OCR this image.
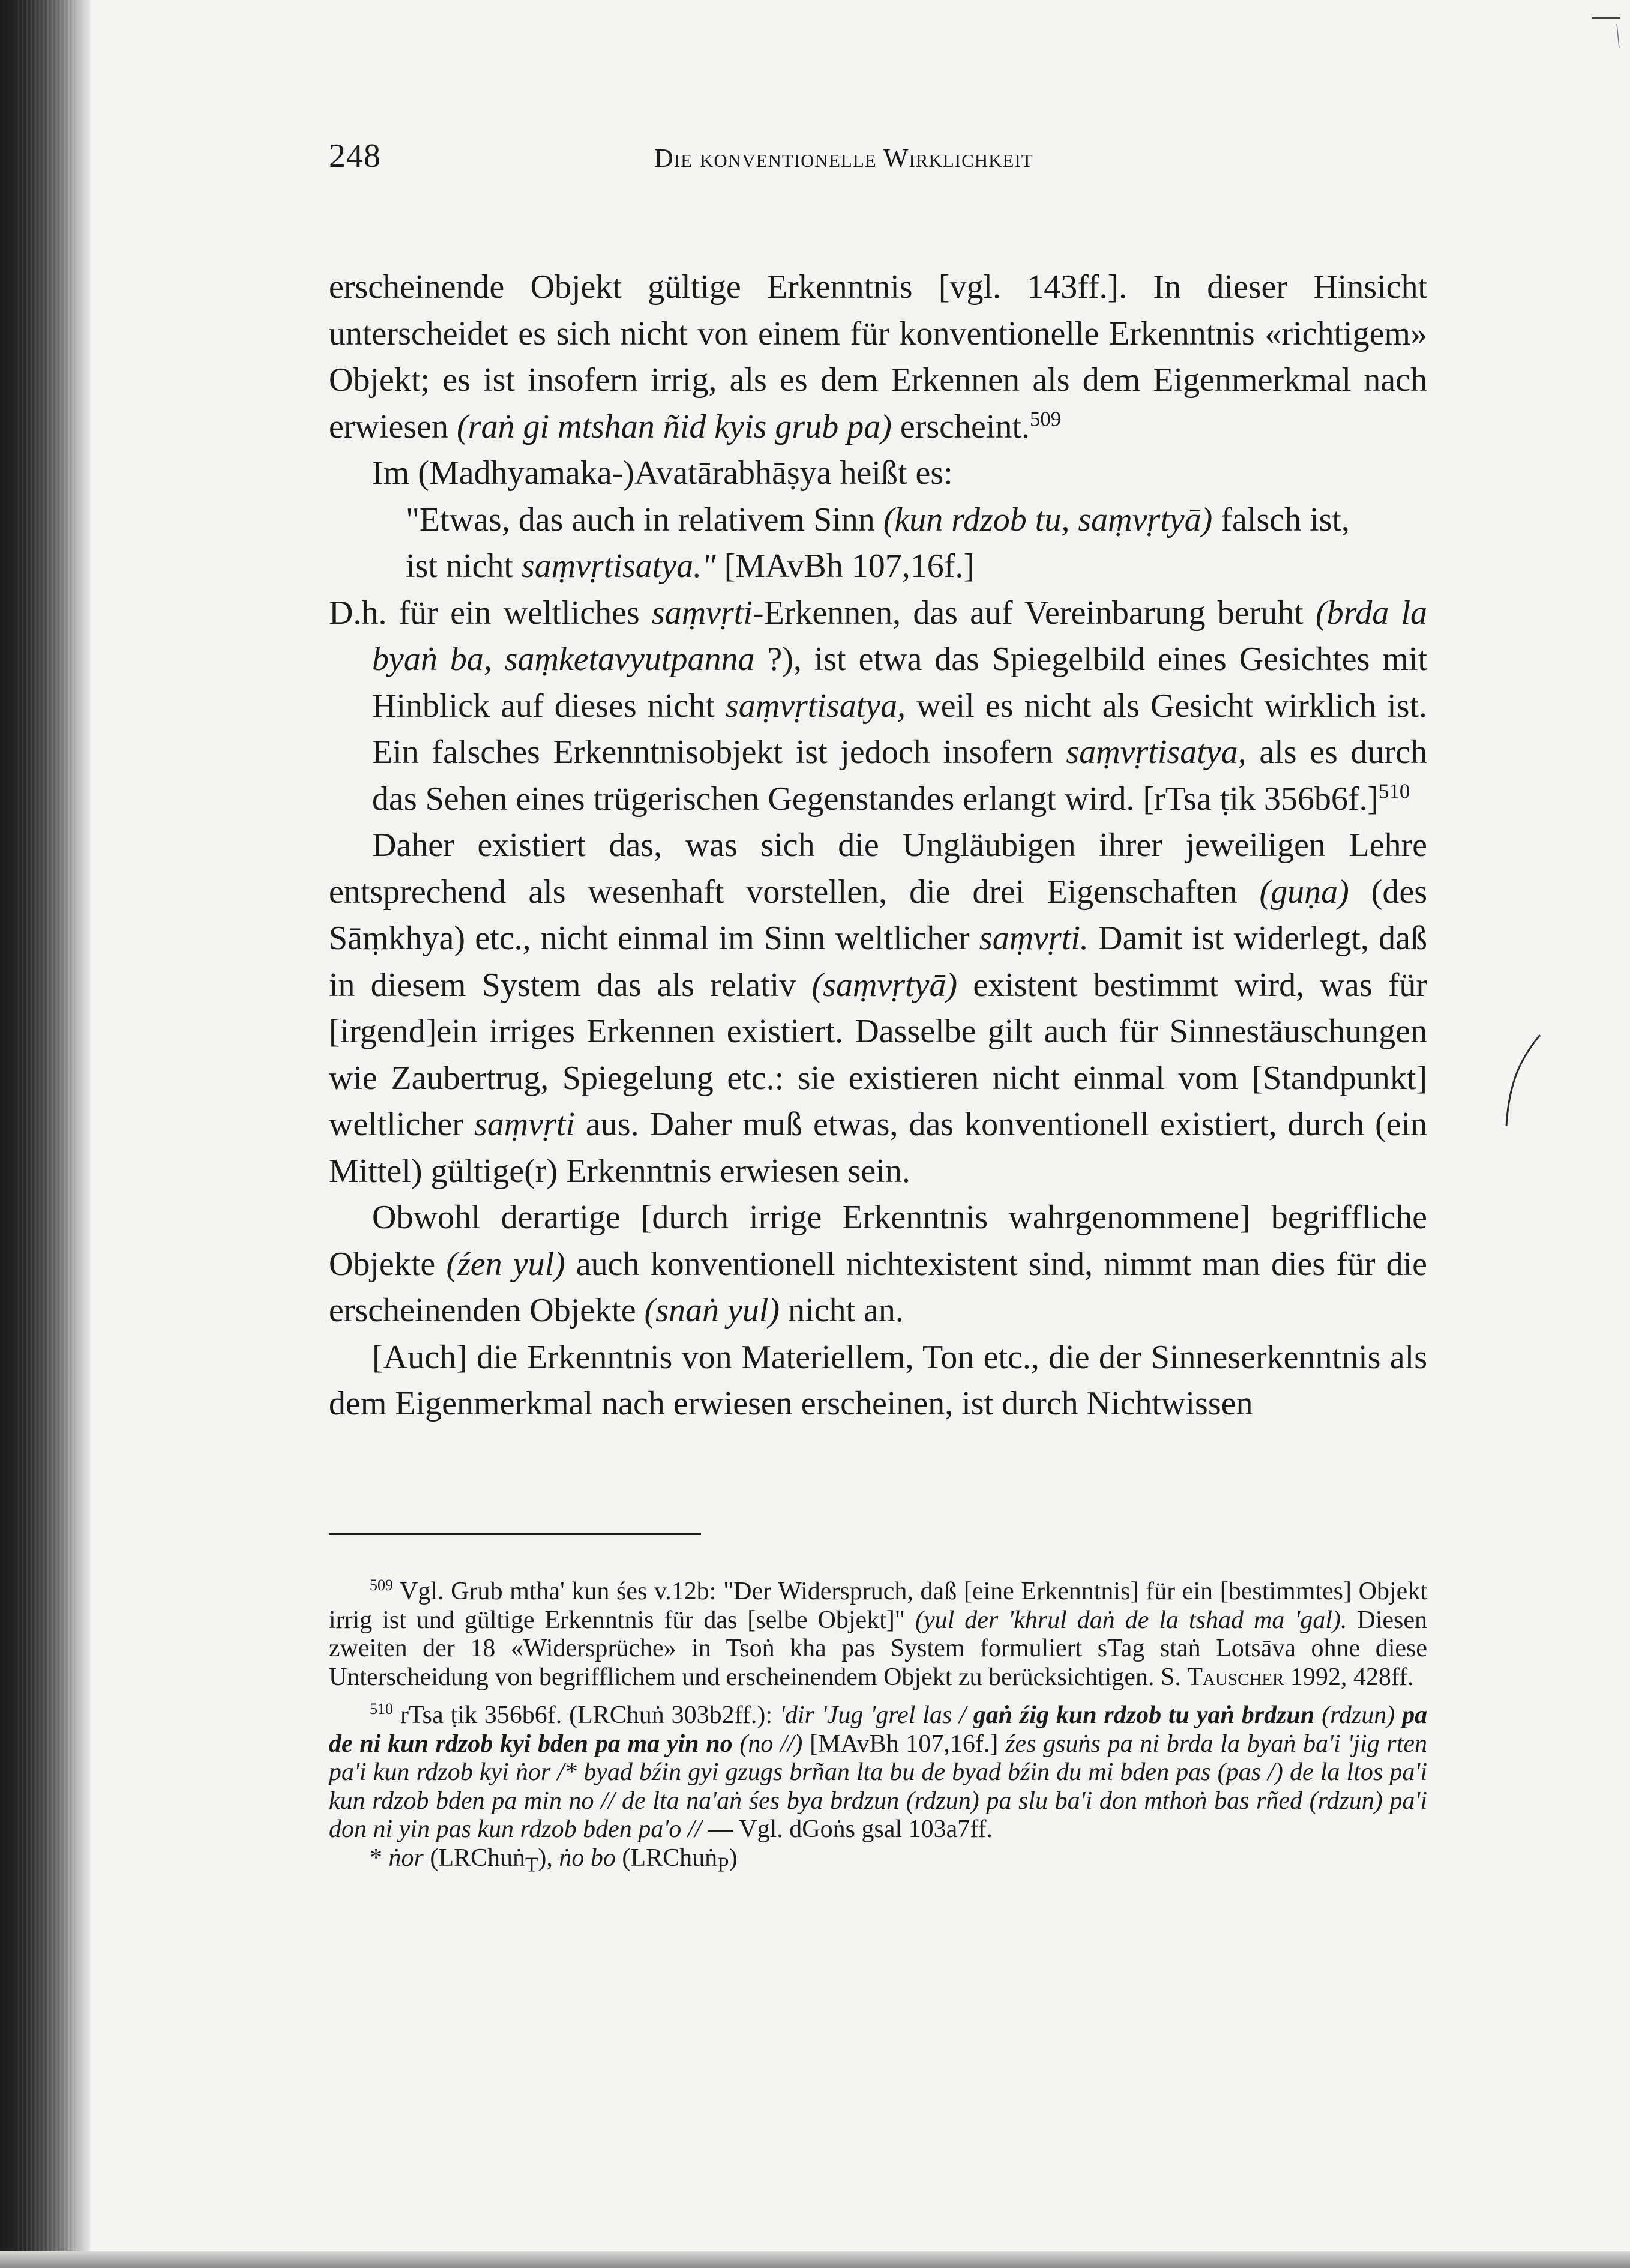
248	Die konventionelle Wirklichkeit

erscheinende Objekt gültige Erkenntnis [vgl. 143ff.]. In dieser Hinsicht unterscheidet es sich nicht von einem für konventionelle Erkenntnis «richtigem» Objekt; es ist insofern irrig, als es dem Erkennen als dem Eigenmerkmal nach erwiesen (raṅ gi mtshan ñid kyis grub pa) erscheint.$^{509}$

Im (Madhyamaka-)Avatārabhāṣya heißt es:

"Etwas, das auch in relativem Sinn (kun rdzob tu, saṃvṛtyā) falsch ist,

ist nicht saṃvṛtisatya." [MAvBh 107,16f.]

D.h. für ein weltliches saṃvṛti-Erkennen, das auf Vereinbarung beruht (brda la byaṅ ba, saṃketavyutpanna ?), ist etwa das Spiegelbild eines Gesichtes mit Hinblick auf dieses nicht saṃvṛtisatya, weil es nicht als Gesicht wirklich ist. Ein falsches Erkenntnisobjekt ist jedoch insofern saṃvṛtisatya, als es durch das Sehen eines trügerischen Gegenstandes erlangt wird. [rTsa ṭik 356b6f.]$^{510}$

Daher existiert das, was sich die Ungläubigen ihrer jeweiligen Lehre entsprechend als wesenhaft vorstellen, die drei Eigenschaften (guṇa) (des Sāṃkhya) etc., nicht einmal im Sinn weltlicher saṃvṛti. Damit ist widerlegt, daß in diesem System das als relativ (saṃvṛtyā) existent bestimmt wird, was für [irgend]ein irriges Erkennen existiert. Dasselbe gilt auch für Sinnestäuschungen wie Zaubertrug, Spiegelung etc.: sie existieren nicht einmal vom [Standpunkt] weltlicher saṃvṛti aus. Daher muß etwas, das konventionell existiert, durch (ein Mittel) gültige(r) Erkenntnis erwiesen sein.

Obwohl derartige [durch irrige Erkenntnis wahrgenommene] begriffliche Objekte (źen yul) auch konventionell nichtexistent sind, nimmt man dies für die erscheinenden Objekte (snaṅ yul) nicht an.

[Auch] die Erkenntnis von Materiellem, Ton etc., die der Sinneserkenntnis als dem Eigenmerkmal nach erwiesen erscheinen, ist durch Nichtwissen

$^{509}$ Vgl. Grub mtha' kun śes v.12b: "Der Widerspruch, daß [eine Erkenntnis] für ein [bestimmtes] Objekt irrig ist und gültige Erkenntnis für das [selbe Objekt]" (yul der 'khrul daṅ de la tshad ma 'gal). Diesen zweiten der 18 «Widersprüche» in Tsoṅ kha pas System formuliert sTag staṅ Lotsāva ohne diese Unterscheidung von begrifflichem und erscheinendem Objekt zu berücksichtigen. S. Tauscher 1992, 428ff.

$^{510}$ rTsa ṭik 356b6f. (LRChuṅ 303b2ff.): 'dir 'Jug 'grel las / gaṅ źig kun rdzob tu yaṅ brdzun (rdzun) pa de ni kun rdzob kyi bden pa ma yin no (no //) [MAvBh 107,16f.] źes gsuṅs pa ni brda la byaṅ ba'i 'jig rten pa'i kun rdzob kyi ṅor /* byad bźin gyi gzugs brñan lta bu de byad bźin du mi bden pas (pas /) de la ltos pa'i kun rdzob bden pa min no // de lta na'aṅ śes bya brdzun (rdzun) pa slu ba'i don mthoṅ bas rñed (rdzun) pa'i don ni yin pas kun rdzob bden pa'o // — Vgl. dGoṅs gsal 103a7ff.

* ṅor (LRChuṅ$_T$), ṅo bo (LRChuṅ$_P$)
